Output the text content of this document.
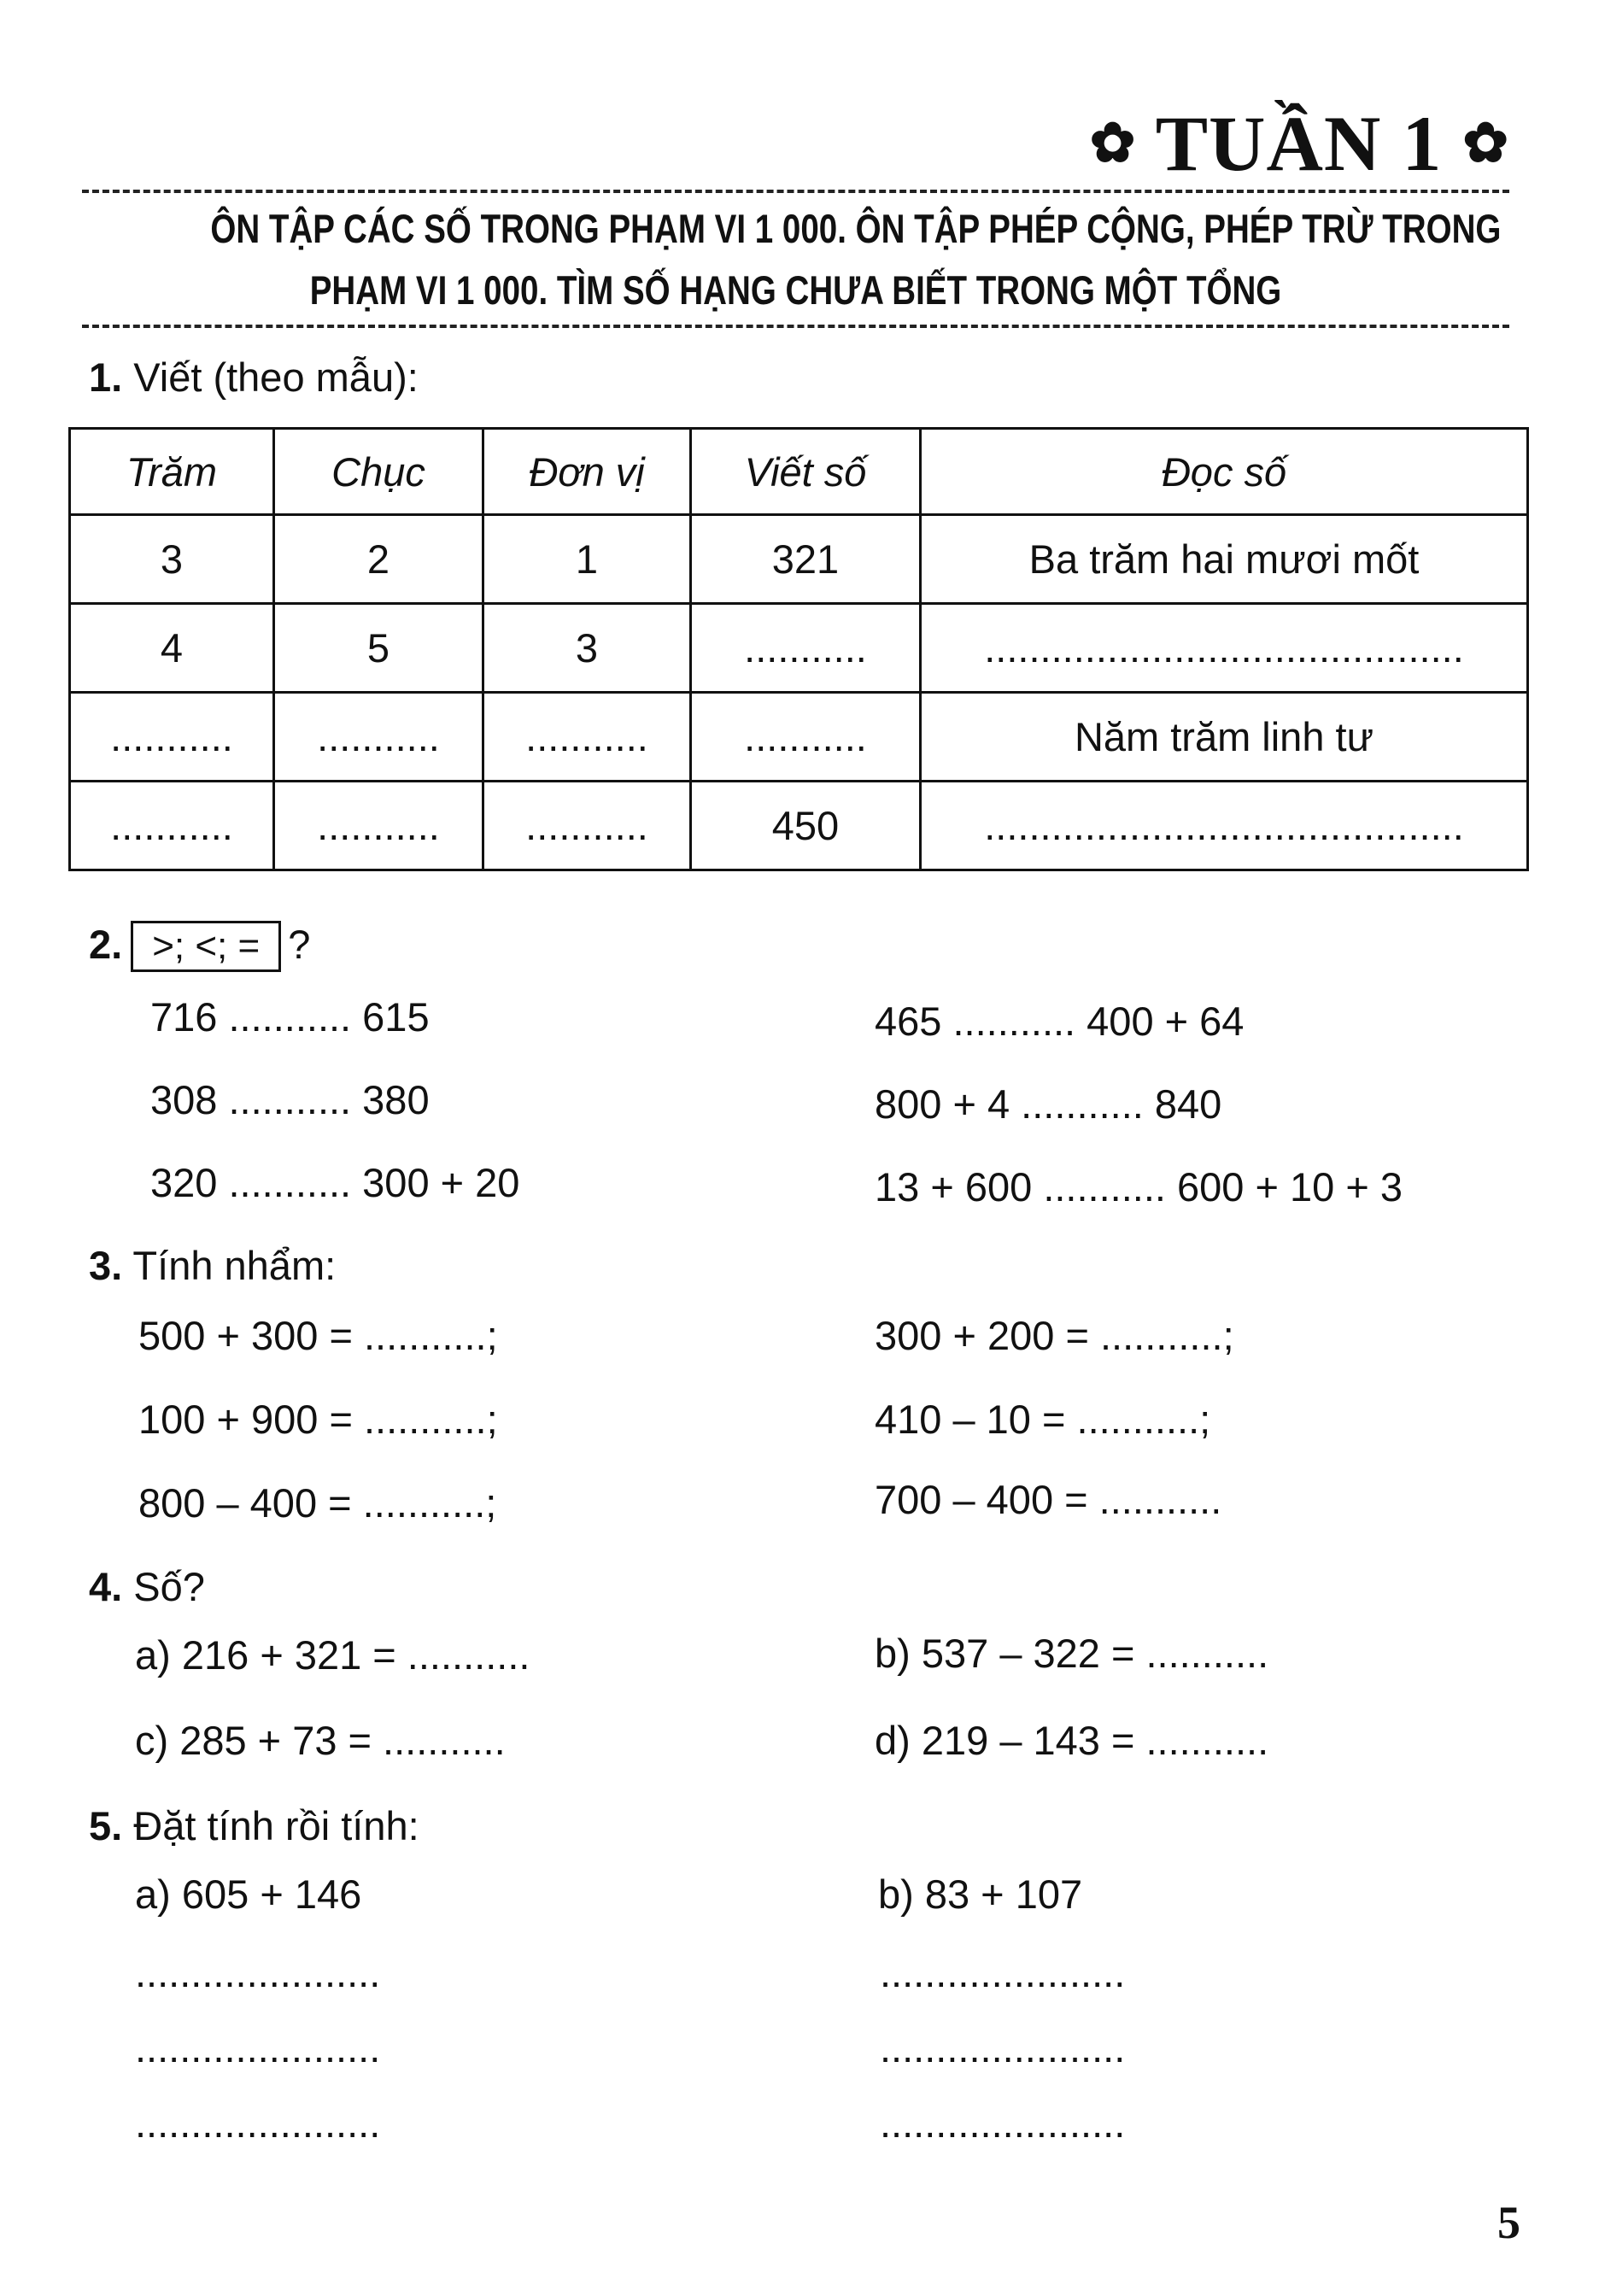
✿ TUẦN 1 ✿
ÔN TẬP CÁC SỐ TRONG PHẠM VI 1 000. ÔN TẬP PHÉP CỘNG, PHÉP TRỪ TRONG
PHẠM VI 1 000. TÌM SỐ HẠNG CHƯA BIẾT TRONG MỘT TỔNG
1. Viết (theo mẫu):
Trăm	Chục	Đơn vị	Viết số	Đọc số
3	2	1	321	Ba trăm hai mươi mốt
4	5	3	...........	...........................................
...........	...........	...........	...........	Năm trăm linh tư
...........	...........	...........	450	...........................................
2. >; <; = ?
716 ........... 615
308 ........... 380
320 ........... 300 + 20
465 ........... 400 + 64
800 + 4 ........... 840
13 + 600 ........... 600 + 10 + 3
3. Tính nhẩm:
500 + 300 = ...........;
100 + 900 = ...........;
800 – 400 = ...........;
300 + 200 = ...........;
410 – 10 = ...........;
700 – 400 = ...........
4. Số?
a) 216 + 321 = ...........
c) 285 + 73 = ...........
b) 537 – 322 = ...........
d) 219 – 143 = ...........
5. Đặt tính rồi tính:
a) 605 + 146	b) 83 + 107
......................
......................
......................
......................
......................
......................
5
